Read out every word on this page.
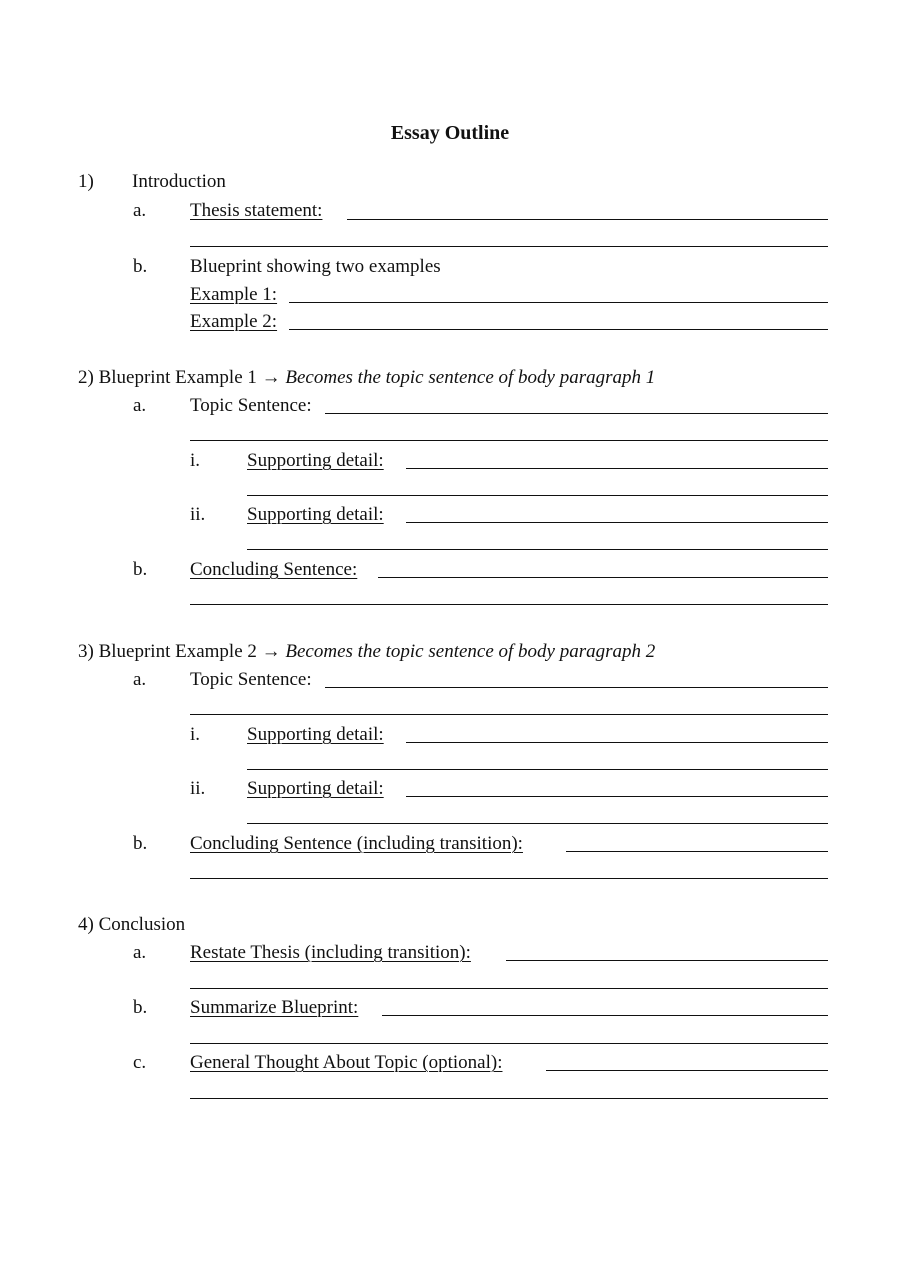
Essay Outline
1) Introduction
a. Thesis statement:
b. Blueprint showing two examples
Example 1:
Example 2:
2) Blueprint Example 1 → Becomes the topic sentence of body paragraph 1
a. Topic Sentence:
i. Supporting detail:
ii. Supporting detail:
b. Concluding Sentence:
3) Blueprint Example 2 → Becomes the topic sentence of body paragraph 2
a. Topic Sentence:
i. Supporting detail:
ii. Supporting detail:
b. Concluding Sentence (including transition):
4) Conclusion
a. Restate Thesis (including transition):
b. Summarize Blueprint:
c. General Thought About Topic (optional):
